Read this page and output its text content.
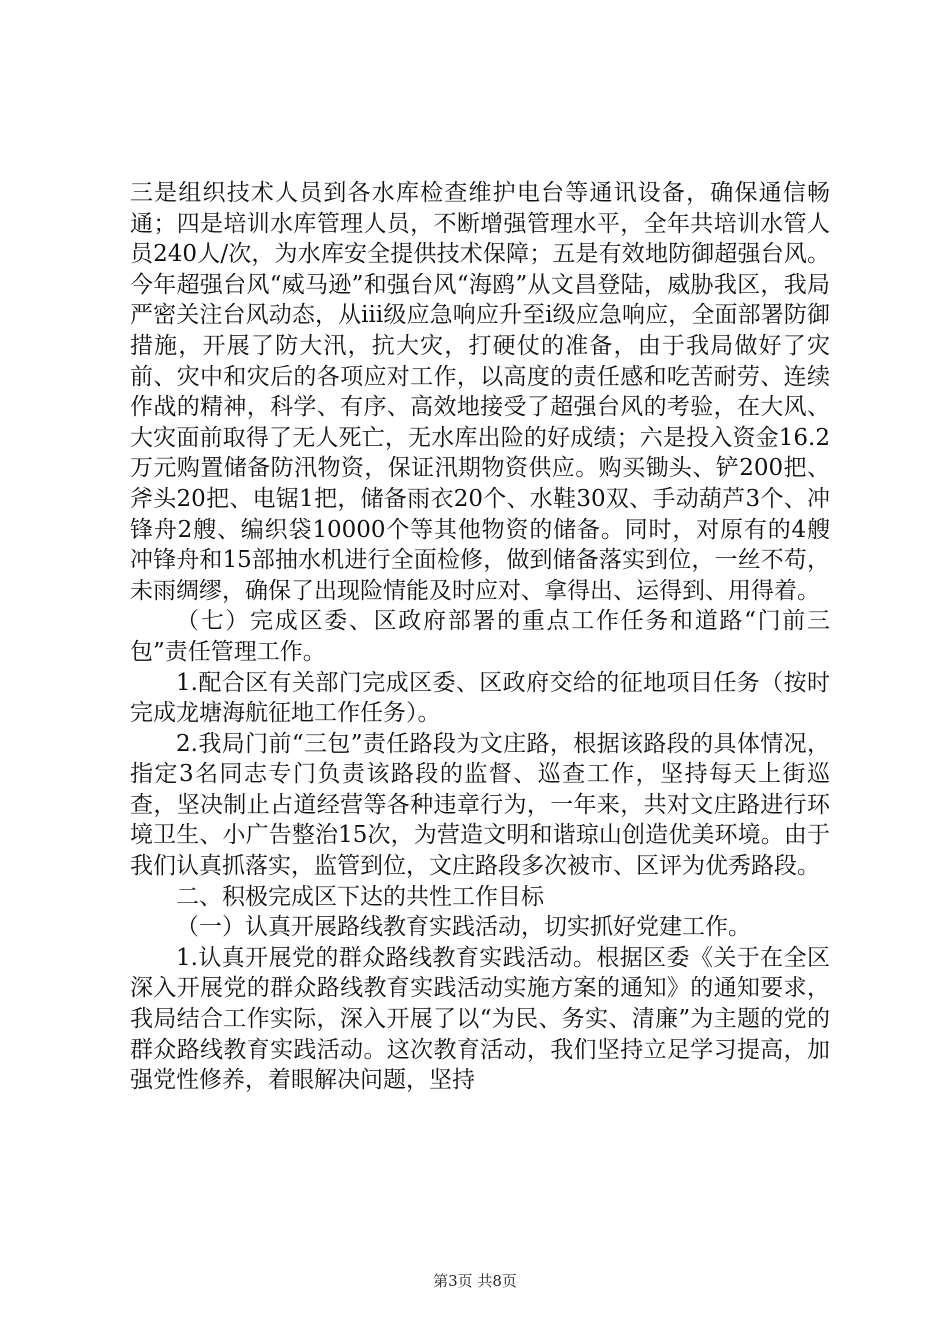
三是组织技术人员到各水库检查维护电台等通讯设备，确保通信畅通；四是培训水库管理人员，不断增强管理水平，全年共培训水管人员240人/次，为水库安全提供技术保障；五是有效地防御超强台风。今年超强台风“威马逊”和强台风“海鸥”从文昌登陆，威胁我区，我局严密关注台风动态，从ⅲ级应急响应升至ⅰ级应急响应，全面部署防御措施，开展了防大汛，抗大灾，打硬仗的准备，由于我局做好了灾前、灾中和灾后的各项应对工作，以高度的责任感和吃苦耐劳、连续作战的精神，科学、有序、高效地接受了超强台风的考验，在大风、大灾面前取得了无人死亡，无水库出险的好成绩；六是投入资金16.2万元购置储备防汛物资，保证汛期物资供应。购买锄头、铲200把、斧头20把、电锯1把，储备雨衣20个、水鞋30双、手动葫芦3个、冲锋舟2艘、编织袋10000个等其他物资的储备。同时，对原有的4艘冲锋舟和15部抽水机进行全面检修，做到储备落实到位，一丝不苟，未雨绸缪，确保了出现险情能及时应对、拿得出、运得到、用得着。

（七）完成区委、区政府部署的重点工作任务和道路“门前三包”责任管理工作。

1.配合区有关部门完成区委、区政府交给的征地项目任务（按时完成龙塘海航征地工作任务）。

2.我局门前“三包”责任路段为文庄路，根据该路段的具体情况，指定3名同志专门负责该路段的监督、巡查工作，坚持每天上街巡查，坚决制止占道经营等各种违章行为，一年来，共对文庄路进行环境卫生、小广告整治15次，为营造文明和谐琼山创造优美环境。由于我们认真抓落实，监管到位，文庄路段多次被市、区评为优秀路段。

二、积极完成区下达的共性工作目标

（一）认真开展路线教育实践活动，切实抓好党建工作。

1.认真开展党的群众路线教育实践活动。根据区委《关于在全区深入开展党的群众路线教育实践活动实施方案的通知》的通知要求，我局结合工作实际，深入开展了以“为民、务实、清廉”为主题的党的群众路线教育实践活动。这次教育活动，我们坚持立足学习提高，加强党性修养，着眼解决问题，坚持

第3页 共8页
